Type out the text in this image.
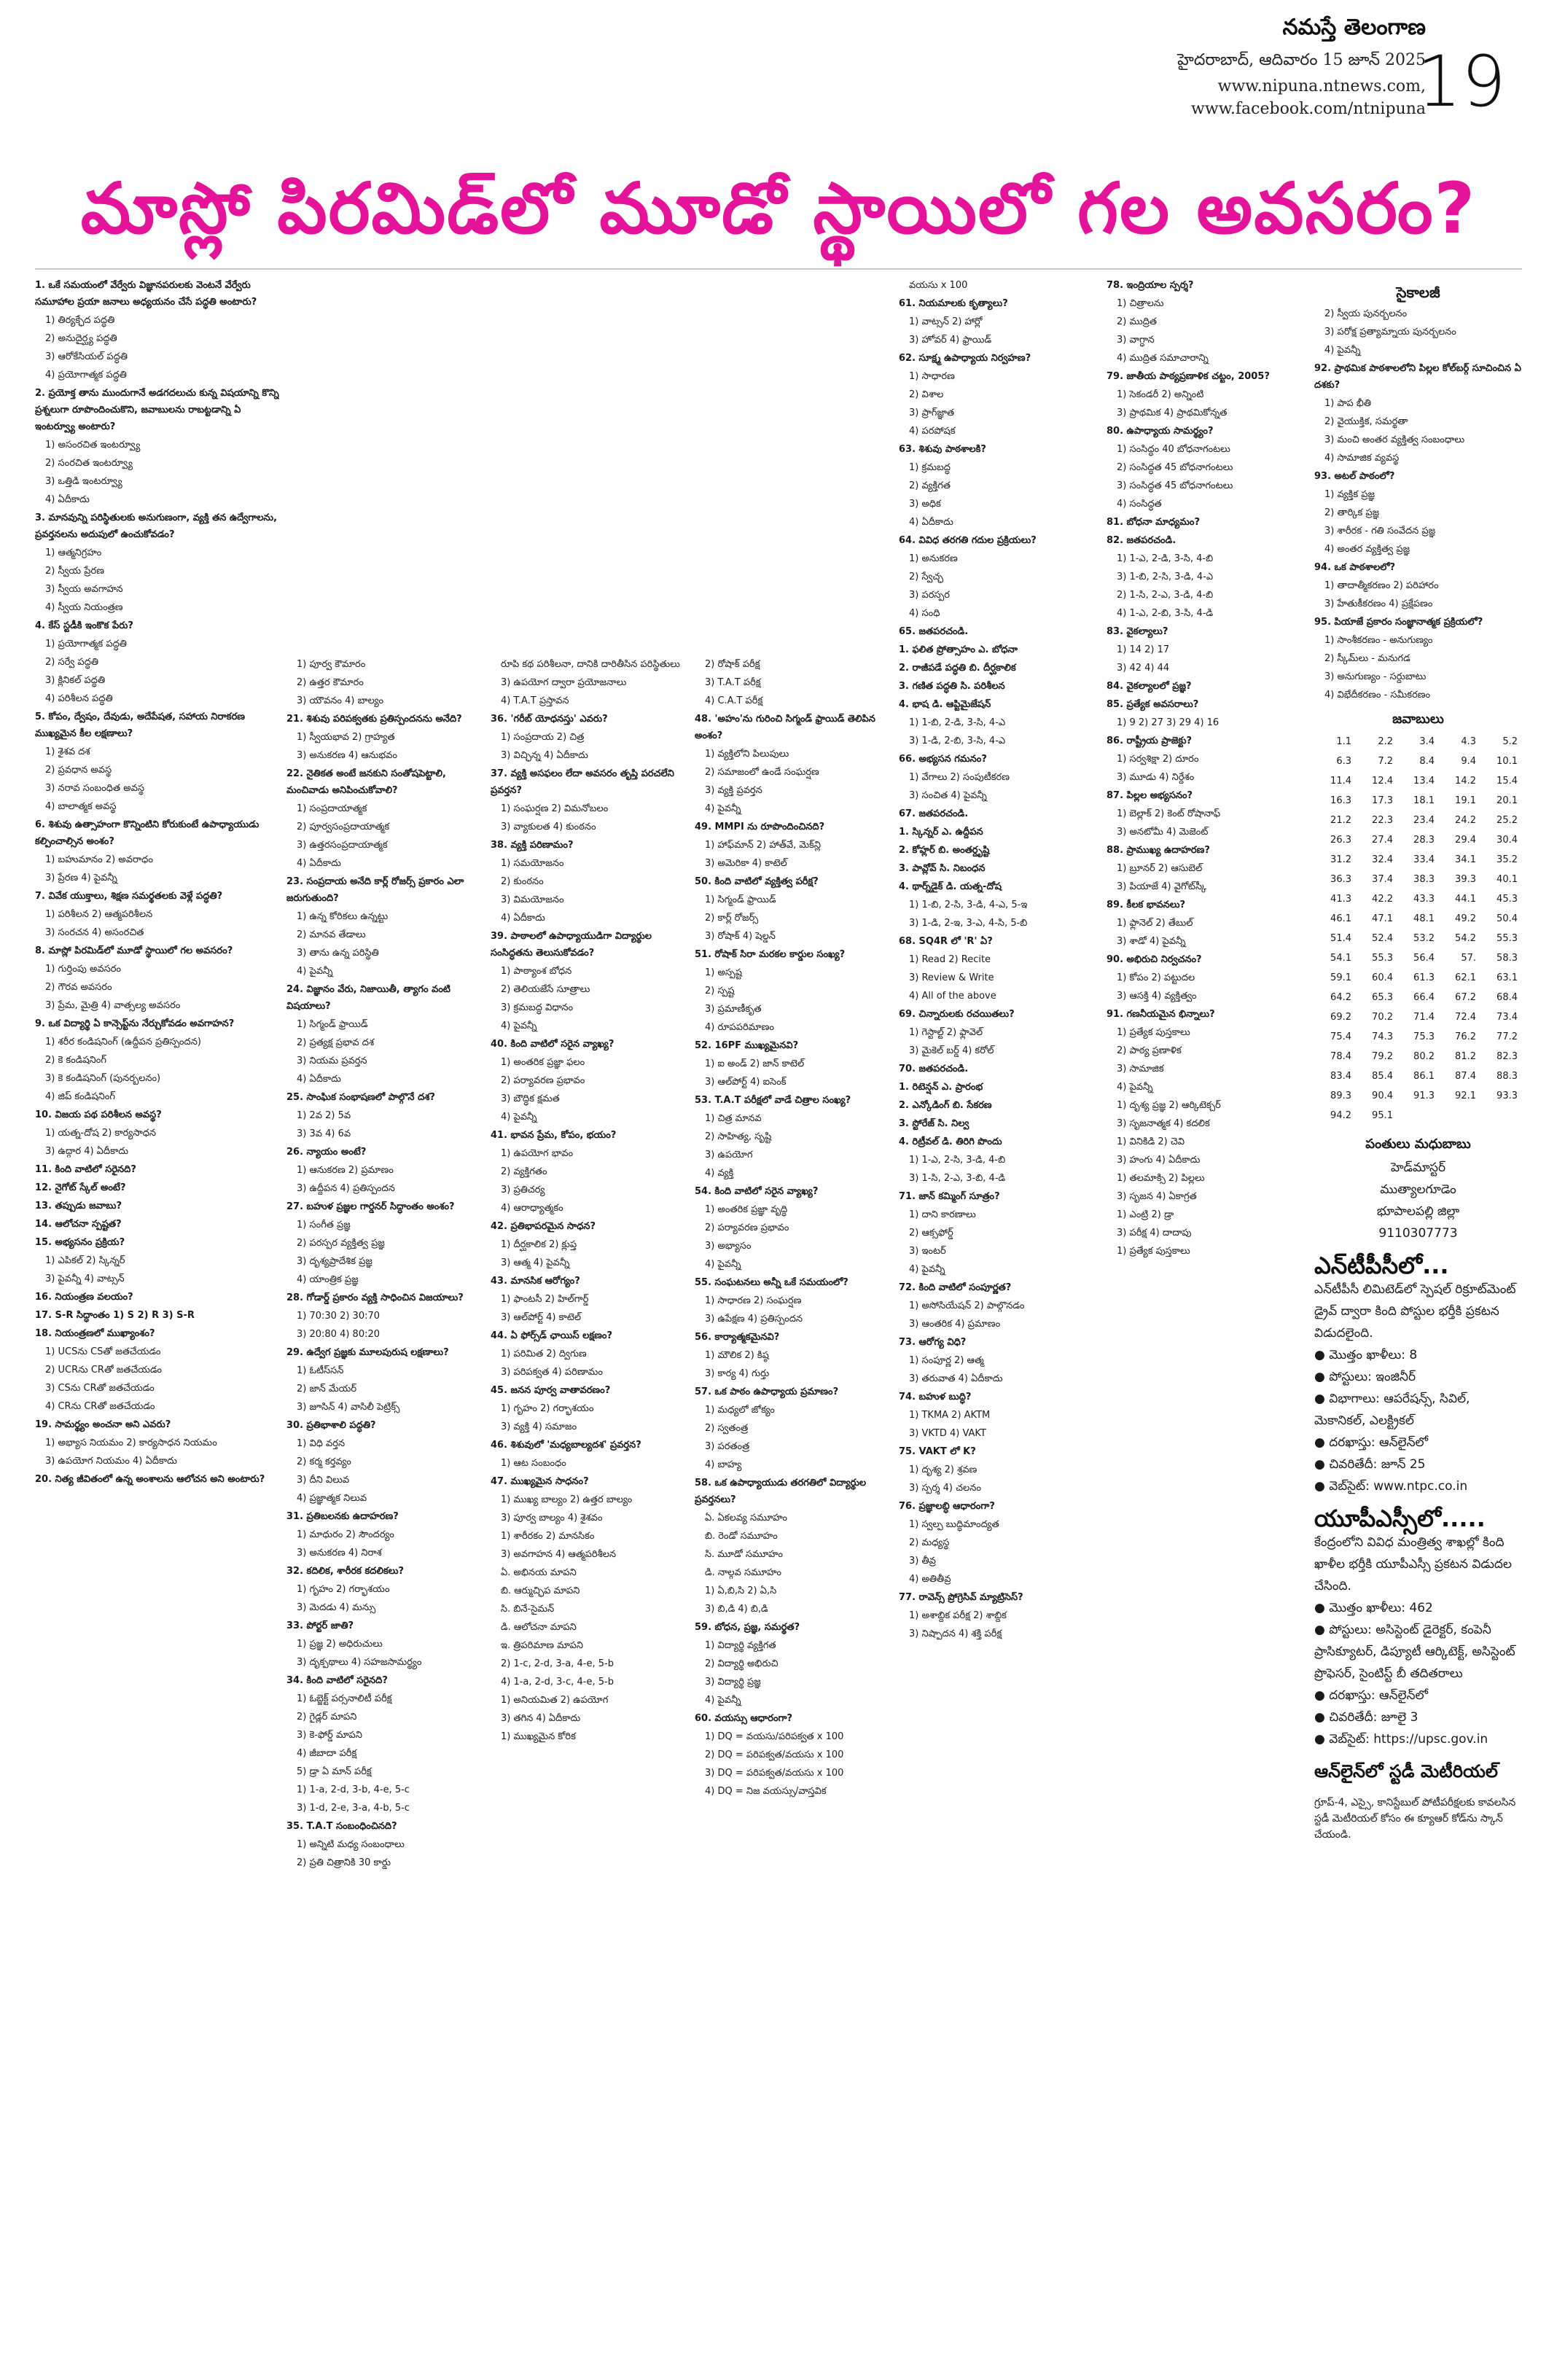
నమస్తే తెలంగాణ
హైదరాబాద్, ఆదివారం 15 జూన్ 2025
www.nipuna.ntnews.com,
www.facebook.com/ntnipuna
19
మాస్లో పిరమిడ్‌లో మూడో స్థాయిలో గల అవసరం?

1. ఒకే సమయంలో వేర్వేరు విజ్ఞానపరులకు వెంటనే వేర్వేరు సమూహాల ప్రయా జనాలు అధ్యయనం చేసే పద్ధతి అంటారు?

1) తిర్యక్ఛేద పద్ధతి

2) అనుదైర్ఘ్య పద్ధతి

3) ఆరోకేసియల్ పద్ధతి

4) ప్రయోగాత్మక పద్ధతి

2. ప్రయోక్త తాను ముందుగానే అడగదలుచు కున్న విషయాన్ని కొన్ని ప్రశ్నలుగా రూపొందించుకొని, జవాబులను రాబట్టడాన్ని ఏ ఇంటర్వ్యూ అంటారు?

1) అసంరచిత ఇంటర్వ్యూ

2) సంరచిత ఇంటర్వ్యూ

3) ఒత్తిడి ఇంటర్వ్యూ

4) ఏదీకాదు

3. మానవున్ని పరిస్థితులకు అనుగుణంగా, వ్యక్తి తన ఉద్వేగాలను, ప్రవర్తనలను అదుపులో ఉంచుకోవడం?

1) ఆత్మనిగ్రహం

2) స్వీయ ప్రేరణ

3) స్వీయ అవగాహన

4) స్వీయ నియంత్రణ

4. కేస్ స్టడీకి ఇంకొక పేరు?

1) ప్రయోగాత్మక పద్ధతి

2) సర్వే పద్ధతి

3) క్లినికల్ పద్ధతి

4) పరిశీలన పద్ధతి

5. కోపం, ద్వేషం, దేవుడు, అదేపేషత, సహాయ నిరాకరణ ముఖ్యమైన కీల లక్షణాలు?

1) శైశవ దశ

2) ప్రవధాన అవస్థ

3) నరావ సంబంధిత అవస్థ

4) బాలాత్మక అవస్థ

6. శిశువు ఉత్సాహంగా కొన్నింటిని కోరుకుంటే ఉపాధ్యాయుడు కల్పించాల్సిన అంశం?

1) బహుమానం 2) అవరాధం

3) ప్రేరణ 4) పైవన్నీ

7. వివేక యుక్తాలు, శిక్షణ సమర్థతలకు వెళ్లే పద్ధతి?

1) పరిశీలన 2) ఆత్మపరిశీలన

3) సంరచన 4) అసంరచిత

8. మాస్లో పిరమిడ్‌లో మూడో స్థాయిలో గల అవసరం?

1) గుర్తింపు అవసరం

2) గౌరవ అవసరం

3) ప్రేమ, మైత్రి 4) వాత్సల్య అవసరం

9. ఒక విద్యార్థి ఏ కాన్సెప్ట్‌ను నేర్చుకోవడం అవగాహన?

1) శరీర కండిషనింగ్ (ఉద్దీపన ప్రతిస్పందన)

2) కె కండిషనింగ్

3) కె కండిషనింగ్ (పునర్బలనం)

4) జిప్ కండిషనింగ్

10. విజయ పథ పరిశీలన అవస్థ?

1) యత్న-దోష 2) కార్యసాధన

3) ఉద్గార 4) ఏదీకాదు

11. కింది వాటిలో సరైనది?

12. నైగోట్ స్కేల్ అంటే?

13. తప్పుడు జవాబు?

14. ఆలోచనా స్పష్టత?

15. అభ్యసనం ప్రక్రియ?

1) ఎపికల్ 2) స్కిన్నర్

3) పైవన్నీ 4) వాట్సన్

16. నియంత్రణ వలయం?

17. S-R సిద్ధాంతం 1) S 2) R 3) S-R

18. నియంత్రణలో ముఖ్యాంశం?

1) UCSను CSతో జతచేయడం

2) UCRను CRతో జతచేయడం

3) CSను CRతో జతచేయడం

4) CRను CRతో జతచేయడం

19. సామర్థ్యం అంచనా అని ఎవరు?

1) అభ్యాస నియమం 2) కార్యసాధన నియమం

3) ఉపయోగ నియమం 4) ఏదీకాదు

20. నిత్య జీవితంలో ఉన్న అంశాలను ఆలోచన అని అంటారు?

1) పూర్వ కౌమారం

2) ఉత్తర కౌమారం

3) యౌవనం 4) బాల్యం

21. శిశువు పరిపక్వతకు ప్రతిస్పందనను అనేది?

1) స్వీయభావ 2) గ్రాహ్యత

3) అనుకరణ 4) ఆనుభవం

22. నైతికత అంటే జనకుని సంతోషపెట్టాలి, మంచివాడు అనిపించుకోవాలి?

1) సంప్రదాయాత్మక

2) పూర్వసంప్రదాయాత్మక

3) ఉత్తరసంప్రదాయాత్మక

4) ఏదీకాదు

23. సంప్రదాయ అనేది కార్ల్ రోజర్స్ ప్రకారం ఎలా జరుగుతుంది?

1) ఉన్న కోరికలు ఉన్నట్టు

2) మానవ తేడాలు

3) తాను ఉన్న పరిస్థితి

4) పైవన్నీ

24. విజ్ఞానం వేరు, నిజాయితీ, త్యాగం వంటి విషయాలు?

1) సిగ్మండ్ ఫ్రాయిడ్

2) ప్రత్యక్ష ప్రభావ దశ

3) నియమ ప్రవర్తన

4) ఏదీకాదు

25. సాంఘిక సంభాషణలో పాల్గొనే దశ?

1) 2వ 2) 5వ

3) 3వ 4) 6వ

26. న్యాయం అంటే?

1) ఆనుకరణ 2) ప్రమాణం

3) ఉద్దీపన 4) ప్రతిస్పందన

27. బహుళ ప్రజ్ఞల గార్డనర్ సిద్ధాంతం అంశం?

1) సంగీత ప్రజ్ఞ

2) పరస్పర వ్యక్తిత్వ ప్రజ్ఞ

3) దృశ్యప్రాదేశిక ప్రజ్ఞ

4) యాంత్రిక ప్రజ్ఞ

28. గోడార్డ్ ప్రకారం వ్యక్తి సాధించిన విజయాలు?

1) 70:30 2) 30:70

3) 20:80 4) 80:20

29. ఉద్వేగ ప్రజ్ఞకు మూలపురుష లక్షణాలు?

1) ఓటీస్‌సన్

2) జాన్ మేయర్

3) జూసిన్ 4) వాసిలీ పెట్రిక్స్

30. ప్రతిభాశాలి పద్ధతి?

1) విధి వర్తన

2) కర్మ కర్తవ్యం

3) దీని విలువ

4) ప్రజ్ఞాత్మక నిలువ

31. ప్రతిబలనకు ఉదాహరణ?

1) మాధురం 2) సౌందర్యం

3) అనుకరణ 4) నిరాశ

32. కదిలిక, శారీరక కదలికలు?

1) గృహం 2) గర్భాశయం

3) మెదడు 4) మన్సు

33. పోర్టర్ జాతి?

1) ప్రజ్ఞ 2) అధిరుచులు

3) దృక్పథాలు 4) సహజసామర్థ్యం

34. కింది వాటిలో సరైనది?

1) ఓబ్జెక్ట్ పర్సనాలిటీ పరీక్ష

2) గైడ్లర్ మాపని

3) కె-ఫోర్డ్ మాపని

4) జీబాదా పరీక్ష

5) డ్రా ఏ మాన్ పరీక్ష

1) 1-a, 2-d, 3-b, 4-e, 5-c

3) 1-d, 2-e, 3-a, 4-b, 5-c

35. T.A.T సంబంధించినది?

1) అన్నిటి మధ్య సంబంధాలు

2) ప్రతి చిత్రానికి 30 కార్డు

రూపి కథ పరిశీలనా, దానికి దారితీసిన పరిస్థితులు

3) ఉపయోగ ద్వారా ప్రయోజనాలు

4) T.A.T ప్రస్తావన

36. 'గరీబ్ యోధనస్తు' ఎవరు?

1) సంప్రదాయ 2) చిత్ర

3) విచ్ఛిన్న 4) ఏదీకాదు

37. వ్యక్తి అసఫలం లేదా అవసరం తృప్తి పరచలేని ప్రవర్తన?

1) సంఘర్షణ 2) విమనోబలం

3) వ్యాకులత 4) కుంఠనం

38. వ్యక్తి పరిణామం?

1) సమయోజనం

2) కుంఠనం

3) విమయోజనం

4) ఏదీకాదు

39. పాఠాలలో ఉపాధ్యాయుడిగా విద్యార్థుల సంసిద్ధతను తెలుసుకోవడం?

1) పాఠ్యాంశ బోధన

2) తెలియజేసే సూత్రాలు

3) క్రమబద్ధ విధానం

4) పైవన్నీ

40. కింది వాటిలో సరైన వ్యాఖ్య?

1) అంతరిక ప్రజ్ఞా ఫలం

2) పర్యావరణ ప్రభావం

3) బౌద్ధిక క్షమత

4) పైవన్నీ

41. భావన ప్రేమ, కోపం, భయం?

1) ఉపయోగ భావం

2) వ్యక్తిగతం

3) ప్రతిచర్య

4) ఆరాధ్యాత్మకం

42. ప్రతిభాపరమైన సాధన?

1) దీర్ఘకాలిక 2) క్లుప్త

3) ఆత్మ 4) పైవన్నీ

43. మానసిక ఆరోగ్యం?

1) ఫాంటసీ 2) హిల్‌గార్డ్

3) ఆల్‌పోర్ట్ 4) కాటెల్

44. ఏ ఫోర్స్‌డ్ ఛాయిస్ లక్షణం?

1) పరిమిత 2) ద్విగుణ

3) పరిపక్వత 4) పరిణామం

45. జనన పూర్వ వాతావరణం?

1) గృహం 2) గర్భాశయం

3) వ్యక్తి 4) సమాజం

46. శిశువులో 'మధ్యబాల్యదశ' ప్రవర్తన?

1) ఆట సంబంధం

47. ముఖ్యమైన సాధనం?

1) ముఖ్య బాల్యం 2) ఉత్తర బాల్యం

3) పూర్వ బాల్యం 4) శైశవం

1) శారీరకం 2) మానసికం

3) అవగాహన 4) ఆత్మపరిశీలన

ఏ. అభినయ మాపని

బి. ఆర్ముచ్ఛిప మాపని

సి. బినే-సైమన్

డి. ఆలోచనా మాపని

ఇ. త్రిపరిమాణ మాపని

2) 1-c, 2-d, 3-a, 4-e, 5-b

4) 1-a, 2-d, 3-c, 4-e, 5-b

1) అనియమిత 2) ఉపయోగ

3) తగిన 4) ఏదీకాదు

1) ముఖ్యమైన కోరిక

2) రోషాక్ పరీక్ష

3) T.A.T పరీక్ష

4) C.A.T పరీక్ష

48. 'అహం'ను గురించి సిగ్మండ్ ఫ్రాయిడ్ తెలిపిన అంశం?

1) వ్యక్తిలోని పిలుపులు

2) సమాజంలో ఉండే సంఘర్షణ

3) వ్యక్తి ప్రవర్తన

4) పైవన్నీ

49. MMPI ను రూపొందించినది?

1) హాఫ్‌మాన్ 2) హాత్‌వే, మెక్‌న్లి

3) అమెరికా 4) కాటెల్

50. కింది వాటిలో వ్యక్తిత్వ పరీక్ష?

1) సిగ్మండ్ ఫ్రాయిడ్

2) కార్ల్ రోజర్స్

3) రోషాక్ 4) షెల్డన్

51. రోషాక్ సిరా మరకల కార్డుల సంఖ్య?

1) అస్పష్ట

2) స్పష్ట

3) ప్రమాణీకృత

4) రూపపరిమాణం

52. 16PF ముఖ్యమైనవి?

1) ఐ అండ్ 2) జాన్ కాటెల్

3) ఆల్‌పోర్ట్ 4) ఐసెంక్

53. T.A.T పరీక్షలో వాడే చిత్రాల సంఖ్య?

1) చిత్ర మానవ

2) సాహిత్య, సృష్టి

3) ఉపయోగ

4) వ్యక్తి

54. కింది వాటిలో సరైన వ్యాఖ్య?

1) అంతరిక ప్రజ్ఞా వృద్ధి

2) పర్యావరణ ప్రభావం

3) అభ్యాసం

4) పైవన్నీ

55. సంఘటనలు అన్నీ ఒకే సమయంలో?

1) సాధారణ 2) సంఘర్షణ

3) ఉపేక్షణ 4) ప్రతిస్పందన

56. కార్యాత్మకమైనవి?

1) మౌలిక 2) కిష్ఠ

3) కార్య 4) గుర్తు

57. ఒక పాఠం ఉపాధ్యాయ ప్రమాణం?

1) మధ్యలో జోక్యం

2) స్వతంత్ర

3) పరతంత్ర

4) బాహ్య

58. ఒక ఉపాధ్యాయుడు తరగతిలో విద్యార్థుల ప్రవర్తనలు?

ఏ. ఏకలవ్య సమూహం

బి. రెండో సమూహం

సి. మూడో సమూహం

డి. నాల్గవ సమూహం

1) ఏ,బి,సి 2) ఏ,సి

3) బి,డి 4) బి,డి

59. బోధన, ప్రజ్ఞ, సమర్థత?

1) విద్యార్థి వ్యక్తిగత

2) విద్యార్థి అభిరుచి

3) విద్యార్థి ప్రజ్ఞ

4) పైవన్నీ

60. వయస్సు ఆధారంగా?

1) DQ = వయసు/పరిపక్వత x 100

2) DQ = పరిపక్వత/వయసు x 100

3) DQ = పరిపక్వత/వయసు x 100

4) DQ = నిజ వయస్సు/వాస్తవిక

వయసు x 100

61. నియమాలకు కృత్యాలు?

1) వాట్సన్ 2) హార్లో

3) హోవర్ 4) ఫ్రాయిడ్

62. సూక్ష్మ ఉపాధ్యాయ నిర్వహణ?

1) సాధారణ

2) విశాల

3) ప్రాగ్‌జ్ఞాత

4) పరపోషక

63. శిశువు పాఠశాలకి?

1) క్రమబద్ధ

2) వ్యక్తిగత

3) అధిక

4) ఏదీకాదు

64. వివిధ తరగతి గదుల ప్రక్రియలు?

1) అనుకరణ

2) స్వేచ్ఛ

3) పరస్పర

4) సంధి

65. జతపరచండి.

1. ఫలిత ప్రోత్సాహం ఎ. బోధనా

2. రాజీపడే పద్ధతి బి. దీర్ఘకాలిక

3. గణిత పద్ధతి సి. పరిశీలన

4. భాష డి. ఆప్టిమైజేషన్

1) 1-బి, 2-డి, 3-సి, 4-ఎ

3) 1-డి, 2-బి, 3-సి, 4-ఎ

66. అభ్యసన గమనం?

1) వేగాలు 2) సంపుటీకరణ

3) సంచిత 4) పైవన్నీ

67. జతపరచండి.

1. స్కిన్నర్ ఎ. ఉద్దీపన

2. కోహ్లర్ బి. అంతర్దృష్టి

3. పావ్లోవ్ సి. నిబంధన

4. థార్న్‌డైక్ డి. యత్న-దోష

1) 1-బి, 2-సి, 3-డి, 4-ఎ, 5-ఇ

3) 1-డి, 2-ఇ, 3-ఎ, 4-సి, 5-బి

68. SQ4R లో 'R' ఏ?

1) Read 2) Recite

3) Review & Write

4) All of the above

69. చిన్నారులకు రచయితలు?

1) గెస్టాల్ట్ 2) ఫ్లావెల్

3) మైకెల్ బర్డ్ 4) కరోల్

70. జతపరచండి.

1. రిటెన్షన్ ఎ. ప్రారంభ

2. ఎన్కోడింగ్ బి. సేకరణ

3. స్టోరేజ్ సి. నిల్వ

4. రిట్రీవల్ డి. తిరిగి పొందు

1) 1-ఎ, 2-సి, 3-డి, 4-బి

3) 1-సి, 2-ఎ, 3-బి, 4-డి

71. జాన్ కమ్మింగ్ సూత్రం?

1) దాని కారణాలు

2) ఆక్సఫోర్డ్

3) ఇంటర్

4) పైవన్నీ

72. కింది వాటిలో సంపూర్ణత?

1) అసోసియేషన్ 2) పాల్గొనడం

3) ఆంతరిక 4) ప్రమాణం

73. ఆరోగ్య విధి?

1) సంపూర్ణ 2) ఆత్మ

3) తరువాత 4) ఏదీకాదు

74. బహుళ బుద్ధి?

1) TKMA 2) AKTM

3) VKTD 4) VAKT

75. VAKT లో K?

1) దృశ్య 2) శ్రవణ

3) స్పర్శ 4) చలనం

76. ప్రజ్ఞాలబ్ధి ఆధారంగా?

1) స్వల్ప బుద్ధిమాంద్యత

2) మధ్యస్థ

3) తీవ్ర

4) అతితీవ్ర

77. రావెన్స్ ప్రోగ్రెసివ్ మ్యాట్రిసెస్?

1) అశాబ్దిక పరీక్ష 2) శాబ్దిక

3) నిష్పాదన 4) శక్తి పరీక్ష

78. ఇంద్రియాల స్పర్శ?

1) చిత్రాలను

2) ముద్రిత

3) వాగ్ధాన

4) ముద్రిత సమాచారాన్ని

79. జాతీయ పాఠ్యప్రణాళిక చట్టం, 2005?

1) సెకండరీ 2) అన్నింటి

3) ప్రాథమిక 4) ప్రాథమికోన్నత

80. ఉపాధ్యాయ సామర్థ్యం?

1) సంసిద్ధం 40 బోధనాగంటలు

2) సంసిద్ధత 45 బోధనాగంటలు

3) సంసిద్ధత 45 బోధనాగంటలు

4) సంసిద్ధత

81. బోధనా మాధ్యమం?

82. జతపరచండి.

1) 1-ఎ, 2-డి, 3-సి, 4-బి

3) 1-బి, 2-సి, 3-డి, 4-ఎ

2) 1-సి, 2-ఎ, 3-డి, 4-బి

4) 1-ఎ, 2-బి, 3-సి, 4-డి

83. వైకల్యాలు?

1) 14 2) 17

3) 42 4) 44

84. వైకల్యాలలో ప్రజ్ఞ?

85. ప్రత్యేక అవసరాలు?

1) 9 2) 27 3) 29 4) 16

86. రాష్ట్రీయ ప్రాజెక్టు?

1) సర్వశిక్షా 2) దూరం

3) మూడు 4) నిర్దేశం

87. పిల్లల అభ్యసనం?

1) బెల్లాక్ 2) కెంట్ రోషానాఫ్

3) అనటోమీ 4) మెజెంట్

88. ప్రాముఖ్య ఉదాహరణ?

1) బ్రూనర్ 2) ఆసుబెల్

3) పియాజే 4) వైగోట్‌స్కీ

89. కీలక భావనలు?

1) ఫ్లానెల్ 2) తేబుల్

3) శాడో 4) పైవన్నీ

90. అభిరుచి నిర్వచనం?

1) కోపం 2) పట్టుదల

3) ఆసక్తి 4) వ్యక్తిత్వం

91. గణనీయమైన భిన్నాలు?

1) ప్రత్యేక పుస్తకాలు

2) పాఠ్య ప్రణాళిక

3) సామాజిక

4) పైవన్నీ

1) దృశ్య ప్రజ్ఞ 2) ఆర్కిటెక్చర్

3) సృజనాత్మక 4) కదలిక

1) వినికిడి 2) చెవి

3) హంగు 4) ఏదీకాదు

1) తలమాక్సి 2) పిల్లలు

3) సృజన 4) ఏకాగ్రత

1) ఎంట్రి 2) డ్రా

3) పరీక్ష 4) దాదాపు

1) ప్రత్యేక పుస్తకాలు

సైకాలజీ

2) స్వీయ పునర్బలనం

3) పరోక్ష ప్రత్యామ్నాయ పునర్బలనం

4) పైవన్నీ

92. ప్రాథమిక పాఠశాలలోని పిల్లల కోల్‌బర్గ్ సూచించిన ఏ దశకు?

1) పాప భీతి

2) వైయుక్తిక, సమర్థతా

3) మంచి అంతర వ్యక్తిత్వ సంబంధాలు

4) సామాజిక వ్యవస్థ

93. అటల్ పాఠంలో?

1) వ్యక్తిక ప్రజ్ఞ

2) తార్కిక ప్రజ్ఞ

3) శారీరక - గతి సంవేదన ప్రజ్ఞ

4) అంతర వ్యక్తిత్వ ప్రజ్ఞ

94. ఒక పాఠశాలలో?

1) తాదాత్మీకరణం 2) పరిహారం

3) హేతుకీకరణం 4) ప్రక్షేపణం

95. పియాజే ప్రకారం సంజ్ఞానాత్మక ప్రక్రియలో?

1) సాంశీకరణం - అనుగుణ్యం

2) స్కీమ్‌లు - మనుగడ

3) అనుగుణ్యం - సర్దుబాటు

4) విభేదీకరణం - సమీకరణం

జవాబులు
1.1	2.2	3.4	4.3	5.2
6.3	7.2	8.4	9.4	10.1
11.4	12.4	13.4	14.2	15.4
16.3	17.3	18.1	19.1	20.1
21.2	22.3	23.4	24.2	25.2
26.3	27.4	28.3	29.4	30.4
31.2	32.4	33.4	34.1	35.2
36.3	37.4	38.3	39.3	40.1
41.3	42.2	43.3	44.1	45.3
46.1	47.1	48.1	49.2	50.4
51.4	52.4	53.2	54.2	55.3
54.1	55.3	56.4	57.	58.3
59.1	60.4	61.3	62.1	63.1
64.2	65.3	66.4	67.2	68.4
69.2	70.2	71.4	72.4	73.4
75.4	74.3	75.3	76.2	77.2
78.4	79.2	80.2	81.2	82.3
83.4	85.4	86.1	87.4	88.3
89.3	90.4	91.3	92.1	93.3
94.2	95.1			
పంతులు మధుబాబు
హెడ్‌మాస్టర్
ముత్యాలగూడెం
భూపాలపల్లి జిల్లా
9110307773
ఎన్‌టీపీసీలో...
ఎన్‌టీపీసీ లిమిటెడ్‌లో స్పెషల్ రిక్రూట్‌మెంట్ డ్రైవ్ ద్వారా కింది పోస్టుల భర్తీకి ప్రకటన విడుదలైంది.
● మొత్తం ఖాళీలు: 8
● పోస్టులు: ఇంజినీర్
● విభాగాలు: ఆపరేషన్స్, సివిల్, మెకానికల్, ఎలక్ట్రికల్
● దరఖాస్తు: ఆన్‌లైన్‌లో
● చివరితేదీ: జూన్ 25
● వెబ్‌సైట్: www.ntpc.co.in
యూపీఎస్సీలో.....
కేంద్రంలోని వివిధ మంత్రిత్వ శాఖల్లో కింది ఖాళీల భర్తీకి యూపీఎస్సీ ప్రకటన విడుదల చేసింది.
● మొత్తం ఖాళీలు: 462
● పోస్టులు: అసిస్టెంట్ డైరెక్టర్, కంపెనీ ప్రాసిక్యూటర్, డిప్యూటీ ఆర్కిటెక్ట్, అసిస్టెంట్ ప్రొఫెసర్, సైంటిస్ట్ బీ తదితరాలు
● దరఖాస్తు: ఆన్‌లైన్‌లో
● చివరితేదీ: జూలై 3
● వెబ్‌సైట్: https://upsc.gov.in
ఆన్‌లైన్‌లో స్టడీ మెటీరియల్
గ్రూప్-4, ఎస్సై, కానిస్టేబుల్ పోటీపరీక్షలకు కావలసిన స్టడీ మెటీరియల్ కోసం ఈ క్యూఆర్ కోడ్‌ను స్కాన్ చేయండి.
